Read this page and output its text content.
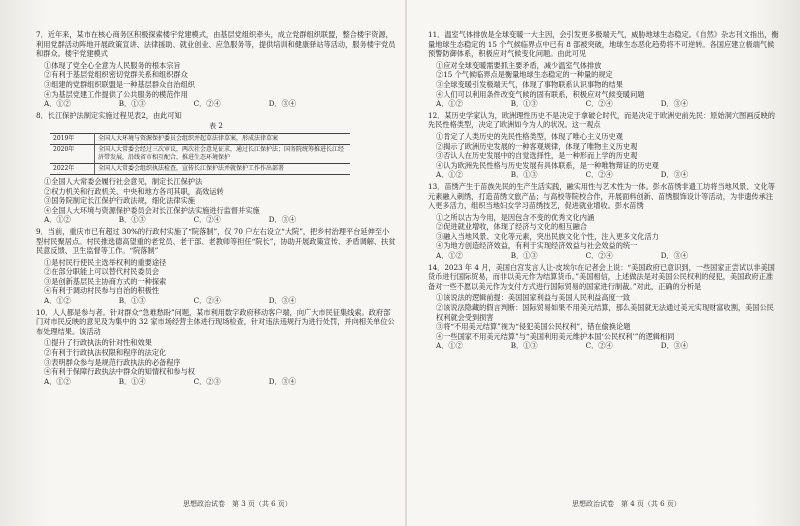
7．近年来，某市在核心商务区积极探索楼宇党建模式，由基层党组织牵头，成立党群组织联盟，整合楼宇资源，利用党群活动阵地开展政策宣讲、法律援助、就业创业、应急服务等，提供培训和健康驿站等活动，服务楼宇党员和群众。楼宇党建模式

①体现了党全心全意为人民服务的根本宗旨

②有利于基层党组织密切党群关系和组织群众

③组建的党群组织联盟是一种基层群众自治组织

④为基层党建工作提供了公共服务的模范作用

A．①②	B．①③	C．②④	D．③④

8．长江保护法制定实施过程见表2，由此可知

表 2
2019年	全国人大环境与资源保护委员会组织并起草法律草案，形成法律草案
2020年	全国人大常委会经过三次审议，两次社会意见征求，通过长江保护法；国务院统筹推进长江经济带发展，沿线省市相互配合，推进生态环境保护
2022年	全国人大常委会组织执法检查，宣传长江保护法并就保护工作作出部署

①全国人大常委会履行社会意见，制定长江保护法

②权力机关和行政机关、中央和地方各司其职，高效运转

③国务院制定长江保护行政法规，细化法律实施

④全国人大环境与资源保护委员会对长江保护法实施进行监督并实施

A．①②	B．①③	C．②④	D．③④

9．当前，重庆市已有超过 30%的行政村实施了“院落制”，仅 70 户左右设立“大院”，把乡村治理平台延伸至小型村民聚居点。村民推选德高望重的老党员、老干部、老教师等担任“院长”，协助开展政策宣传、矛盾调解、扶贫民意反馈、卫生监督等工作。“院落制”

①是村民行使民主选举权利的重要途径

②在部分职能上可以替代村民委员会

③是创新基层民主协商方式的一种探索

④有利于调动村民参与自治的积极性

A．①②	B．①③	C．②④	D．③④

10．人人都是参与者。针对群众“急难愁盼”问题，某市利用数字政府移动客户端，向广大市民征集线索。政府部门对市民反映的意见及为集中的 32 家市场经营主体进行现场检查，针对违法违规行为进行处罚，并向相关单位公布处理结果。该活动

①提升了行政执法的针对性和效果

②有利于行政执法权限和程序的法定化

③表明群众参与是规范行政执法的必备程序

④有利于保障行政执法中群众的知情权和参与权

A．①②	B．①④	C．②③	D．③④

11．温室气体排放是全球变暖一大主因，会引发更多极端天气，威胁地球生态稳定。《自然》杂志刊文指出，衡量地球生态稳定的 15 个气候临界点中已有 8 部被突破，地球生态恶化趋势将不可逆转。各国应建立极端气候预警防御体系，积极应对气候变化问题。由此可见

①应对全球变暖需要抓主要矛盾，减少温室气体排放

②15 个气候临界点是衡量地球生态稳定的一种量的规定

③全球变暖引发极端天气，体现了事物联系认识事物的结果

④人们可以利用条件改变气候的固有联系，积极应对气候变暖问题

A．①②	B．①③	C．②④	D．③④

12．某历史学家认为，欧洲理性历史不是决定于拿破仑时代，而是决定于欧洲史前先民：原始洞穴图画反映的先民性格类型，决定了欧洲如今为人的状况。这一观点

①肯定了人类历史的先民性格类型，体现了唯心主义历史观

②揭示了欧洲历史发展的一种客观规律，体现了唯物主义历史观

③否认人在历史发展中的自觉选择性，是一种形而上学的历史观

④认为欧洲先民性格与历史发展有具体联系，是一种唯物辩证的历史观

A．①②	B．①③	C．②④	D．③④

13．苗绣产生于苗族先民的生产生活实践，融实用性与艺术性为一体。彭水苗绣非遗工坊将当地风景、文化等元素融入刺绣，打造苗绣文旅产品；与高校等院校合作，开展面料创新、苗绣服饰设计等活动，为非遗传承注入更多活力，组织当地妇女学习苗绣技艺，促进就业增收。彭水苗绣

①之所以古为今用，是因包含不变的优秀文化内涵

②促进就业增收，体现了经济与文化的相互融合

③融入当地风景、文化等元素，突出民族文化个性，注入更多文化活力

④为地方创造经济效益，有利于实现经济效益与社会效益的统一

A．①②	B．①③	C．②④	D．③④

14．2023 年 4 月，美国白宫发言人让-皮埃尔在记者会上说：“美国政府已意识到，一些国家正尝试以非美国货币进行国际贸易，而非以美元作为结算货币。”美国相信，上述做法是对美国公民权利的侵犯，美国政府正准备对一些不愿以美元作为支付方式进行国际贸易的国家进行制裁。”对此，正确的分析是

①该说法的逻辑前提：美国国家利益与美国人民利益高度一致

②该说法隐藏的假言判断：国际贸易如果不用美元结算，那么美国就无法通过美元实现财富收割，美国公民权利就会受到损害

③将“不用美元结算”视为“侵犯美国公民权利”，错在偷换论题

④一些国家不用美元结算”与“美国利用美元维护本国‘公民权利’”的逻辑相同

A．①②	B．①③	C．②④	D．③④
思想政治试卷　第 3 页（共 6 页）	思想政治试卷　第 4 页（共 6 页）
